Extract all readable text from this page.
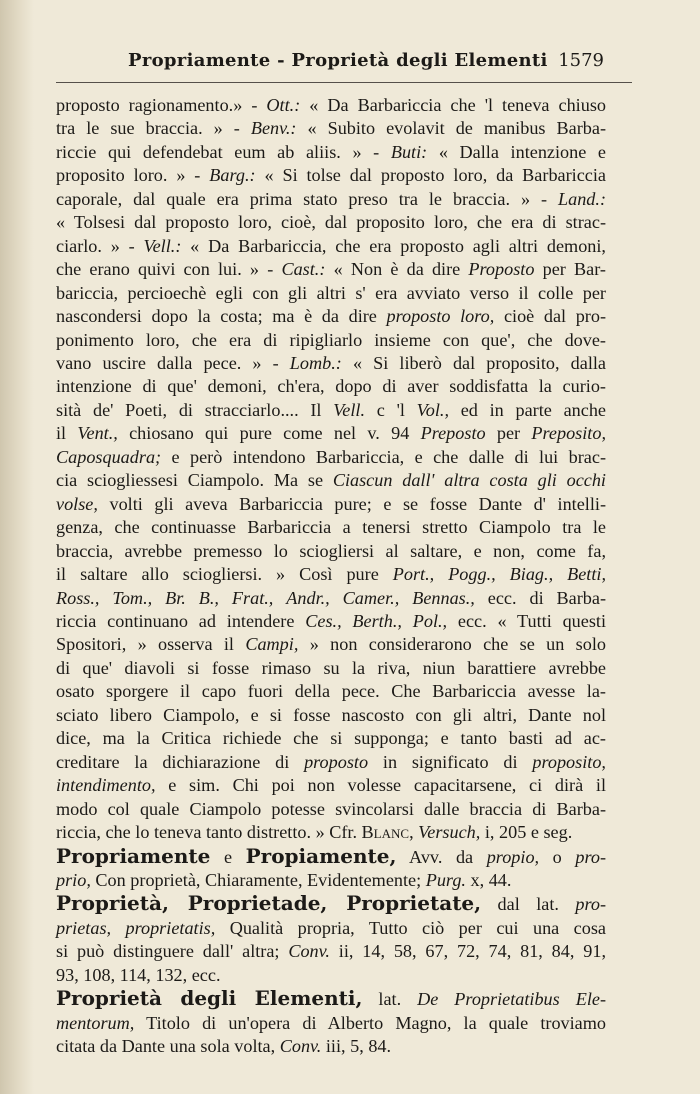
Propriamente - Proprietà degli Elementi 1579

proposto ragionamento.» - Ott.: « Da Barbariccia che 'l teneva chiuso
tra le sue braccia. » - Benv.: « Subito evolavit de manibus Barba-
riccie qui defendebat eum ab aliis. » - Buti: « Dalla intenzione e
proposito loro. » - Barg.: « Si tolse dal proposto loro, da Barbariccia
caporale, dal quale era prima stato preso tra le braccia. » - Land.:
« Tolsesi dal proposto loro, cioè, dal proposito loro, che era di strac-
ciarlo. » - Vell.: « Da Barbariccia, che era proposto agli altri demoni,
che erano quivi con lui. » - Cast.: « Non è da dire Proposto per Bar-
bariccia, percioechè egli con gli altri s' era avviato verso il colle per
nascondersi dopo la costa; ma è da dire proposto loro, cioè dal pro-
ponimento loro, che era di ripigliarlo insieme con que', che dove-
vano uscire dalla pece. » - Lomb.: « Si liberò dal proposito, dalla
intenzione di que' demoni, ch'era, dopo di aver soddisfatta la curio-
sità de' Poeti, di stracciarlo.... Il Vell. c 'l Vol., ed in parte anche
il Vent., chiosano qui pure come nel v. 94 Preposto per Preposito,
Caposquadra; e però intendono Barbariccia, e che dalle di lui brac-
cia sciogliessesi Ciampolo. Ma se Ciascun dall' altra costa gli occhi
volse, volti gli aveva Barbariccia pure; e se fosse Dante d' intelli-
genza, che continuasse Barbariccia a tenersi stretto Ciampolo tra le
braccia, avrebbe premesso lo sciogliersi al saltare, e non, come fa,
il saltare allo sciogliersi. » Così pure Port., Pogg., Biag., Betti,
Ross., Tom., Br. B., Frat., Andr., Camer., Bennas., ecc. di Barba-
riccia continuano ad intendere Ces., Berth., Pol., ecc. « Tutti questi
Spositori, » osserva il Campi, » non considerarono che se un solo
di que' diavoli si fosse rimaso su la riva, niun barattiere avrebbe
osato sporgere il capo fuori della pece. Che Barbariccia avesse la-
sciato libero Ciampolo, e si fosse nascosto con gli altri, Dante nol
dice, ma la Critica richiede che si supponga; e tanto basti ad ac-
creditare la dichiarazione di proposto in significato di proposito,
intendimento, e sim. Chi poi non volesse capacitarsene, ci dirà il
modo col quale Ciampolo potesse svincolarsi dalle braccia di Barba-
riccia, che lo teneva tanto distretto. » Cfr. Blanc, Versuch, i, 205 e seg.

Propriamente e Propiamente, Avv. da propio, o pro-
prio, Con proprietà, Chiaramente, Evidentemente; Purg. x, 44.

Proprietà, Proprietade, Proprietate, dal lat. pro-
prietas, proprietatis, Qualità propria, Tutto ciò per cui una cosa
si può distinguere dall' altra; Conv. ii, 14, 58, 67, 72, 74, 81, 84, 91,
93, 108, 114, 132, ecc.

Proprietà degli Elementi, lat. De Proprietatibus Ele-
mentorum, Titolo di un'opera di Alberto Magno, la quale troviamo
citata da Dante una sola volta, Conv. iii, 5, 84.
